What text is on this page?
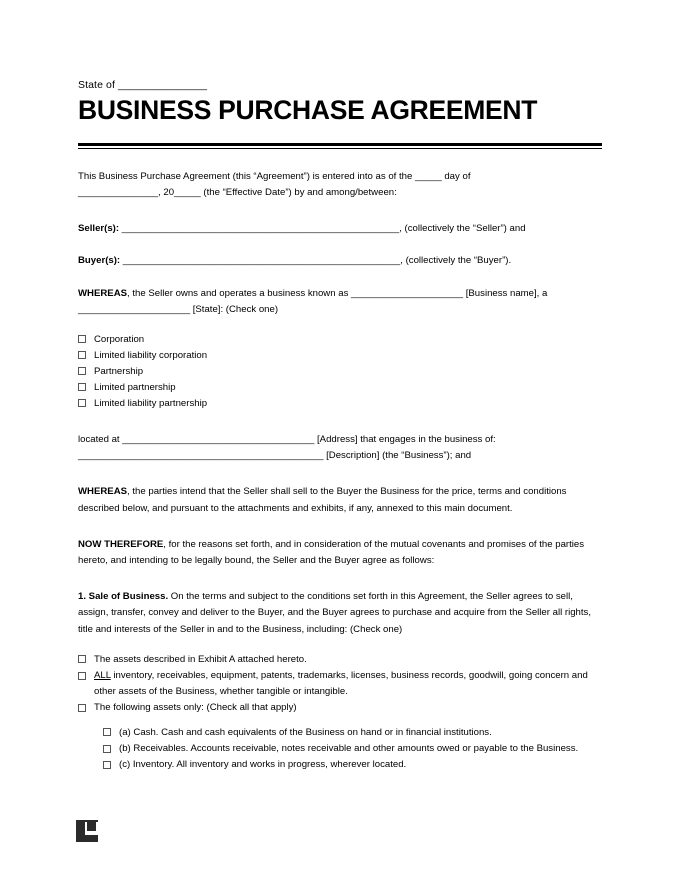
State of _______________
BUSINESS PURCHASE AGREEMENT
This Business Purchase Agreement (this “Agreement”) is entered into as of the _____ day of
_______________, 20_____ (the “Effective Date”) by and among/between:
Seller(s): ____________________________________________________, (collectively the “Seller”) and
Buyer(s): ____________________________________________________, (collectively the “Buyer”).
WHEREAS, the Seller owns and operates a business known as _____________________ [Business name], a _____________________ [State]: (Check one)
Corporation
Limited liability corporation
Partnership
Limited partnership
Limited liability partnership
located at ____________________________________ [Address] that engages in the business of:
______________________________________________ [Description] (the “Business”); and
WHEREAS, the parties intend that the Seller shall sell to the Buyer the Business for the price, terms and conditions described below, and pursuant to the attachments and exhibits, if any, annexed to this main document.
NOW THEREFORE, for the reasons set forth, and in consideration of the mutual covenants and promises of the parties hereto, and intending to be legally bound, the Seller and the Buyer agree as follows:
1. Sale of Business. On the terms and subject to the conditions set forth in this Agreement, the Seller agrees to sell, assign, transfer, convey and deliver to the Buyer, and the Buyer agrees to purchase and acquire from the Seller all rights, title and interests of the Seller in and to the Business, including: (Check one)
The assets described in Exhibit A attached hereto.
ALL inventory, receivables, equipment, patents, trademarks, licenses, business records, goodwill, going concern and other assets of the Business, whether tangible or intangible.
The following assets only: (Check all that apply)
(a) Cash. Cash and cash equivalents of the Business on hand or in financial institutions.
(b) Receivables. Accounts receivable, notes receivable and other amounts owed or payable to the Business.
(c) Inventory. All inventory and works in progress, wherever located.
